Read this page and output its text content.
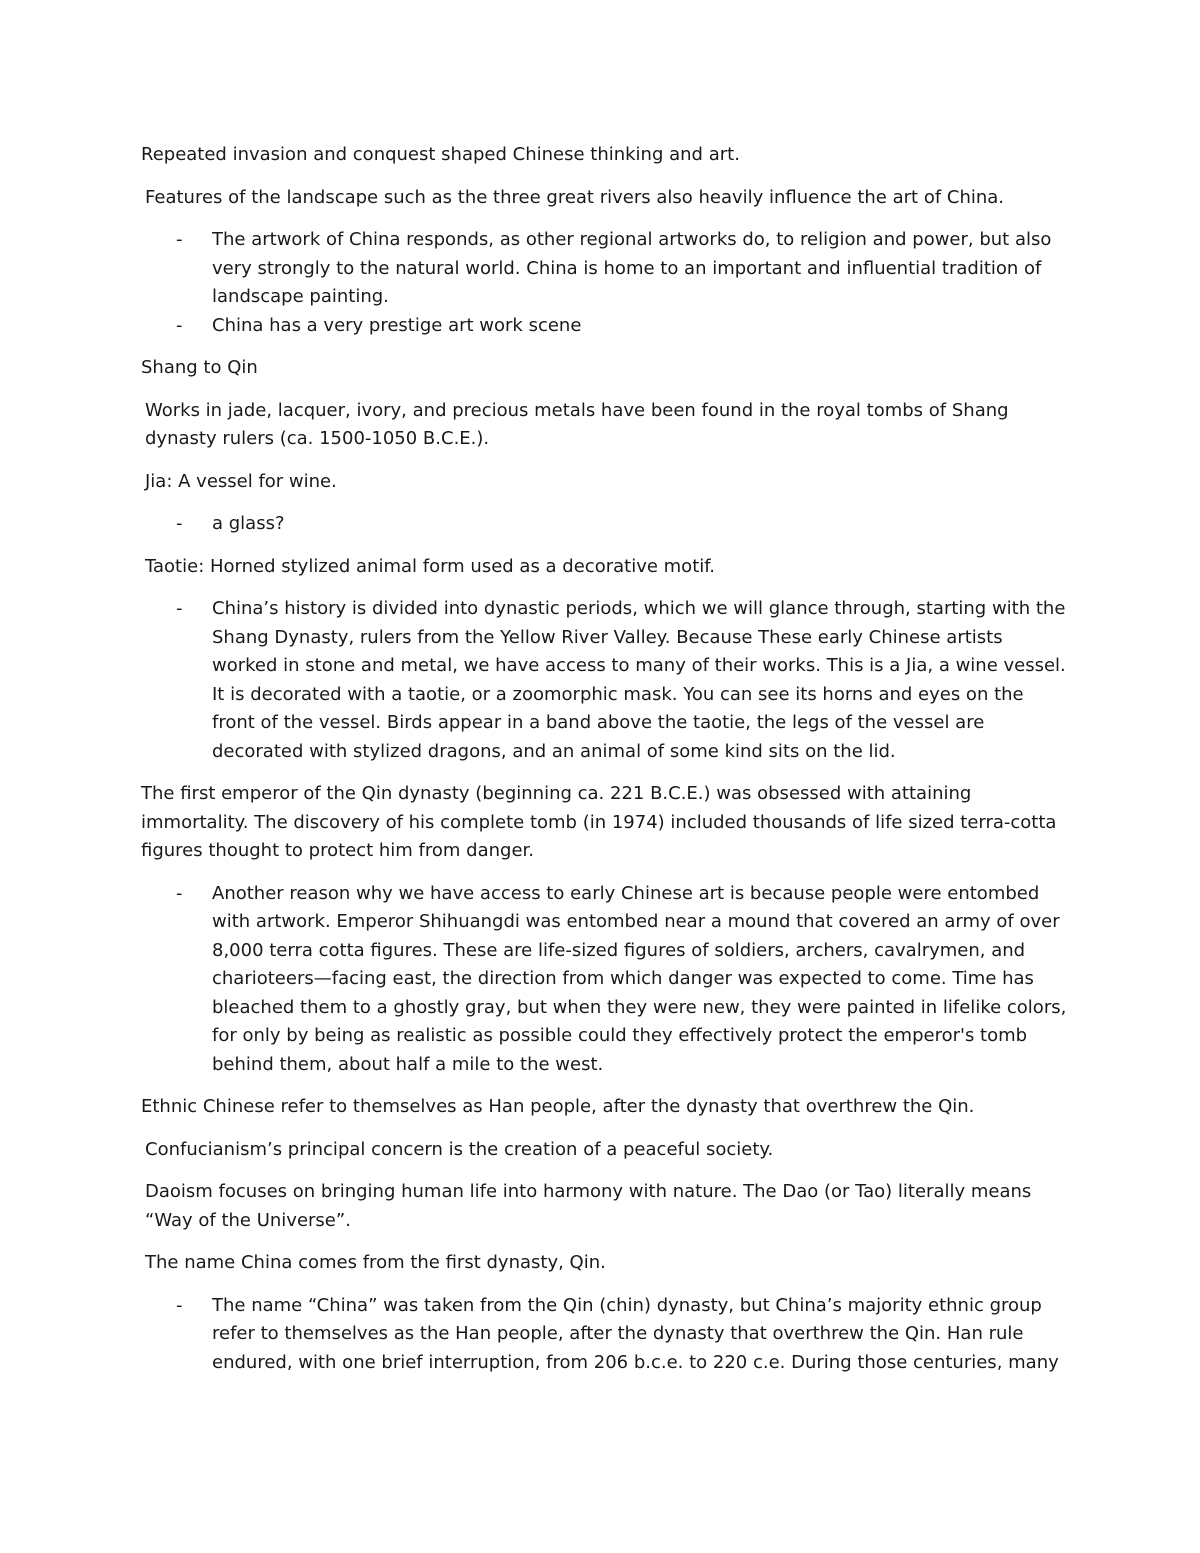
Repeated invasion and conquest shaped Chinese thinking and art.

Features of the landscape such as the three great rivers also heavily influence the art of China.

- The artwork of China responds, as other regional artworks do, to religion and power, but also very strongly to the natural world. China is home to an important and influential tradition of landscape painting.
- China has a very prestige art work scene

Shang to Qin

Works in jade, lacquer, ivory, and precious metals have been found in the royal tombs of Shang dynasty rulers (ca. 1500-1050 B.C.E.).

Jia: A vessel for wine.

- a glass?

Taotie: Horned stylized animal form used as a decorative motif.

- China’s history is divided into dynastic periods, which we will glance through, starting with the Shang Dynasty, rulers from the Yellow River Valley. Because These early Chinese artists worked in stone and metal, we have access to many of their works. This is a Jia, a wine vessel. It is decorated with a taotie, or a zoomorphic mask. You can see its horns and eyes on the front of the vessel. Birds appear in a band above the taotie, the legs of the vessel are decorated with stylized dragons, and an animal of some kind sits on the lid.

The first emperor of the Qin dynasty (beginning ca. 221 B.C.E.) was obsessed with attaining immortality. The discovery of his complete tomb (in 1974) included thousands of life sized terra-cotta figures thought to protect him from danger.

- Another reason why we have access to early Chinese art is because people were entombed with artwork. Emperor Shihuangdi was entombed near a mound that covered an army of over 8,000 terra cotta figures. These are life-sized figures of soldiers, archers, cavalrymen, and charioteers—facing east, the direction from which danger was expected to come. Time has bleached them to a ghostly gray, but when they were new, they were painted in lifelike colors, for only by being as realistic as possible could they effectively protect the emperor's tomb behind them, about half a mile to the west.

Ethnic Chinese refer to themselves as Han people, after the dynasty that overthrew the Qin.

Confucianism’s principal concern is the creation of a peaceful society.

Daoism focuses on bringing human life into harmony with nature. The Dao (or Tao) literally means “Way of the Universe”.

The name China comes from the first dynasty, Qin.

- The name “China” was taken from the Qin (chin) dynasty, but China’s majority ethnic group refer to themselves as the Han people, after the dynasty that overthrew the Qin. Han rule endured, with one brief interruption, from 206 b.c.e. to 220 c.e. During those centuries, many
